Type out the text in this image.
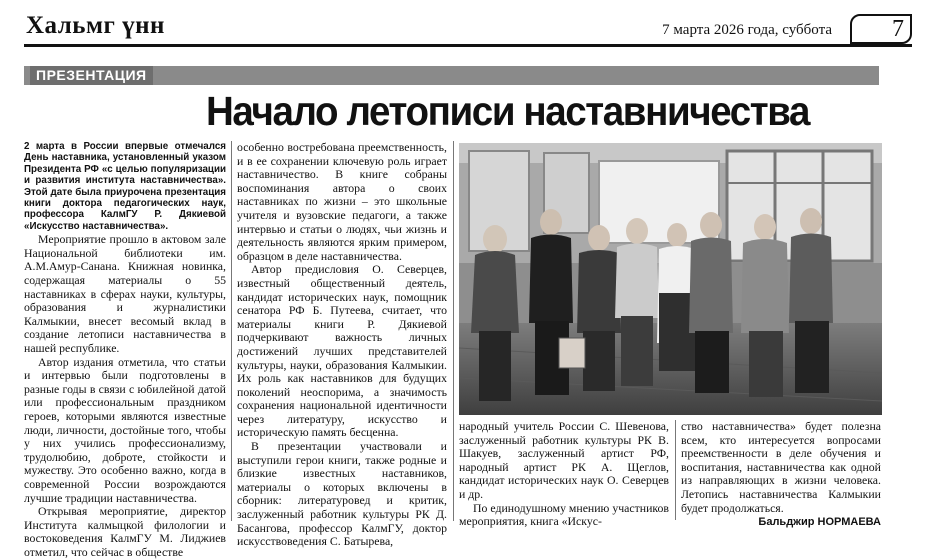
Хальмг үнн	7 марта 2026 года, суббота	7
ПРЕЗЕНТАЦИЯ
Начало летописи наставничества

2 марта в России впервые отмечался День наставника, установленный указом Президента РФ «с целью популяризации и развития института наставничества». Этой дате была приурочена презентация книги доктора педагогических наук, профессора КалмГУ Р. Дякиевой «Искусство наставничества».

Мероприятие прошло в актовом зале Национальной библиотеки им. А.М.Амур-Санана. Книжная новинка, содержащая материалы о 55 наставниках в сферах науки, культуры, образования и журналистики Калмыкии, внесет весомый вклад в создание летописи наставничества в нашей республике.

Автор издания отметила, что статьи и интервью были подготовлены в разные годы в связи с юбилейной датой или профессиональным праздником героев, которыми являются известные люди, личности, достойные того, чтобы у них учились профессионализму, трудолюбию, доброте, стойкости и мужеству. Это особенно важно, когда в современной России возрождаются лучшие традиции наставничества.

Открывая мероприятие, директор Института калмыцкой филологии и востоковедения КалмГУ М. Лиджиев отметил, что сейчас в обществе

особенно востребована преемственность, и в ее сохранении ключевую роль играет наставничество. В книге собраны воспоминания автора о своих наставниках по жизни – это школьные учителя и вузовские педагоги, а также интервью и статьи о людях, чьи жизнь и деятельность являются ярким примером, образцом в деле наставничества.

Автор предисловия О. Северцев, известный общественный деятель, кандидат исторических наук, помощник сенатора РФ Б. Путеева, считает, что материалы книги Р. Дякиевой подчеркивают важность личных достижений лучших представителей культуры, науки, образования Калмыкии. Их роль как наставников для будущих поколений неоспорима, а значимость сохранения национальной идентичности через литературу, искусство и историческую память бесценна.

В презентации участвовали и выступили герои книги, также родные и близкие известных наставников, материалы о которых включены в сборник: литературовед и критик, заслуженный работник культуры РК Д. Басангова, профессор КалмГУ, доктор искусствоведения С. Батырева,

народный учитель России С. Шевенова, заслуженный работник культуры РК В. Шакуев, заслуженный артист РФ, народный артист РК А. Щеглов, кандидат исторических наук О. Северцев и др.

По единодушному мнению участников мероприятия, книга «Искус-

ство наставничества» будет полезна всем, кто интересуется вопросами преемственности в деле обучения и воспитания, наставничества как одной из направляющих в жизни человека. Летопись наставничества Калмыкии будет продолжаться.

Бальджир НОРМАЕВА
